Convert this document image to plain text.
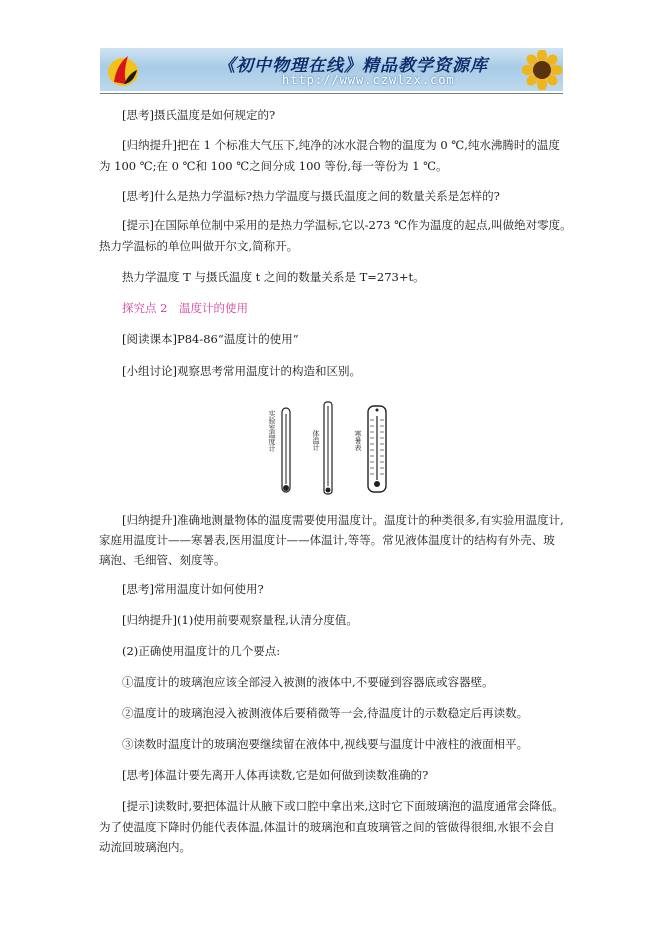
《初中物理在线》精品教学资源库
http://www.czwlzx.com
[思考]摄氏温度是如何规定的?
[归纳提升]把在 1 个标准大气压下,纯净的冰水混合物的温度为 0 ℃,纯水沸腾时的温度
为 100 ℃;在 0 ℃和 100 ℃之间分成 100 等份,每一等份为 1 ℃。
[思考]什么是热力学温标?热力学温度与摄氏温度之间的数量关系是怎样的?
[提示]在国际单位制中采用的是热力学温标,它以-273 ℃作为温度的起点,叫做绝对零度。
热力学温标的单位叫做开尔文,简称开。
热力学温度 T 与摄氏温度 t 之间的数量关系是 T=273+t。
探究点 2　温度计的使用
[阅读课本]P84-86“温度计的使用”
[小组讨论]观察思考常用温度计的构造和区别。
实验室温度计	体温计	寒暑表
[归纳提升]准确地测量物体的温度需要使用温度计。温度计的种类很多,有实验用温度计,
家庭用温度计——寒暑表,医用温度计——体温计,等等。常见液体温度计的结构有外壳、玻
璃泡、毛细管、刻度等。
[思考]常用温度计如何使用?
[归纳提升](1)使用前要观察量程,认清分度值。
(2)正确使用温度计的几个要点:
①温度计的玻璃泡应该全部浸入被测的液体中,不要碰到容器底或容器壁。
②温度计的玻璃泡浸入被测液体后要稍微等一会,待温度计的示数稳定后再读数。
③读数时温度计的玻璃泡要继续留在液体中,视线要与温度计中液柱的液面相平。
[思考]体温计要先离开人体再读数,它是如何做到读数准确的?
[提示]读数时,要把体温计从腋下或口腔中拿出来,这时它下面玻璃泡的温度通常会降低。
为了使温度下降时仍能代表体温,体温计的玻璃泡和直玻璃管之间的管做得很细,水银不会自
动流回玻璃泡内。
